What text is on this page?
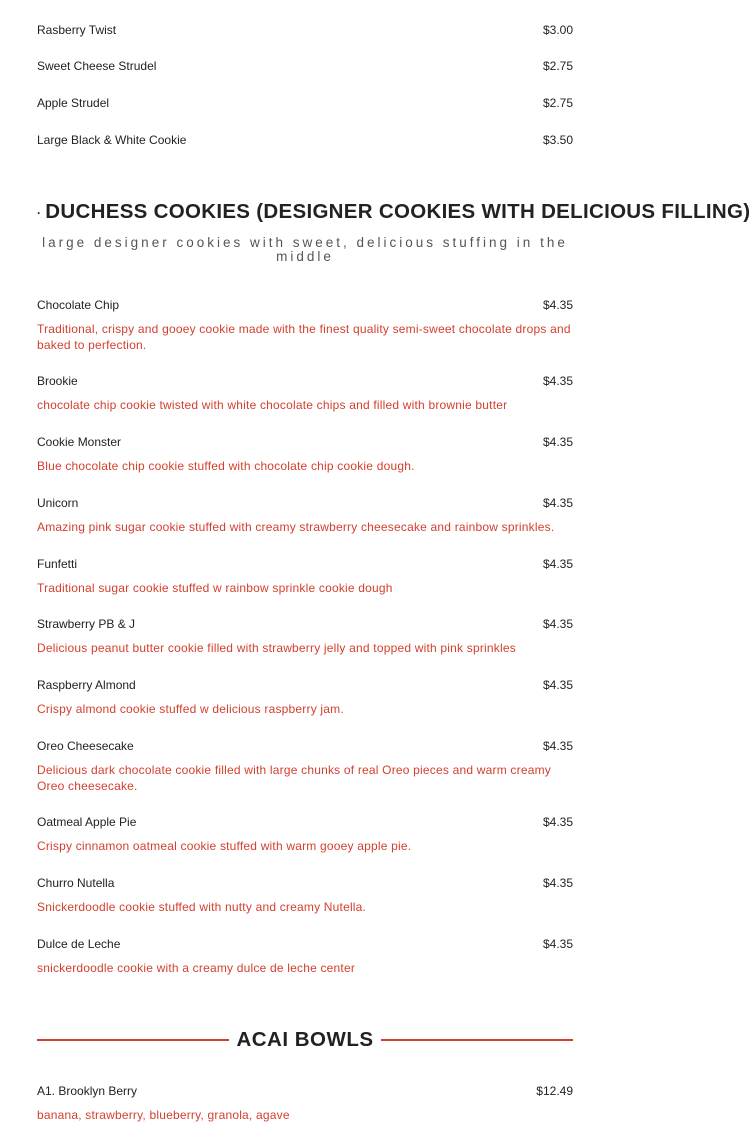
Rasberry Twist	$3.00
Sweet Cheese Strudel	$2.75
Apple Strudel	$2.75
Large Black & White Cookie	$3.50
· DUCHESS COOKIES (DESIGNER COOKIES WITH DELICIOUS FILLING)
large designer cookies with sweet, delicious stuffing in the middle
Chocolate Chip	$4.35
Traditional, crispy and gooey cookie made with the finest quality semi-sweet chocolate drops and baked to perfection.
Brookie	$4.35
chocolate chip cookie twisted with white chocolate chips and filled with brownie butter
Cookie Monster	$4.35
Blue chocolate chip cookie stuffed with chocolate chip cookie dough.
Unicorn	$4.35
Amazing pink sugar cookie stuffed with creamy strawberry cheesecake and rainbow sprinkles.
Funfetti	$4.35
Traditional sugar cookie stuffed w rainbow sprinkle cookie dough
Strawberry PB & J	$4.35
Delicious peanut butter cookie filled with strawberry jelly and topped with pink sprinkles
Raspberry Almond	$4.35
Crispy almond cookie stuffed w delicious raspberry jam.
Oreo Cheesecake	$4.35
Delicious dark chocolate cookie filled with large chunks of real Oreo pieces and warm creamy Oreo cheesecake.
Oatmeal Apple Pie	$4.35
Crispy cinnamon oatmeal cookie stuffed with warm gooey apple pie.
Churro Nutella	$4.35
Snickerdoodle cookie stuffed with nutty and creamy Nutella.
Dulce de Leche	$4.35
snickerdoodle cookie with a creamy dulce de leche center
ACAI BOWLS
A1. Brooklyn Berry	$12.49
banana, strawberry, blueberry, granola, agave
